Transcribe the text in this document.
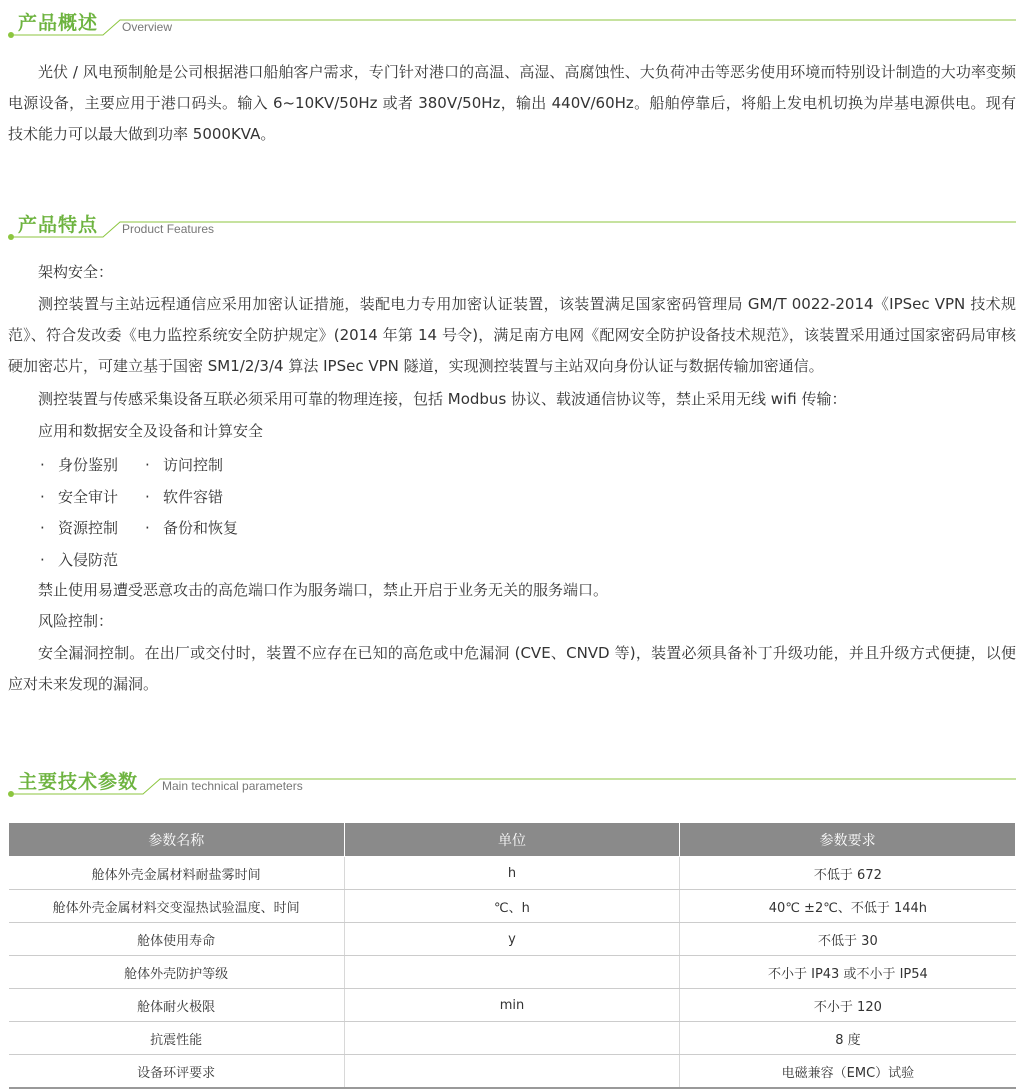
产品概述 Overview

光伏 / 风电预制舱是公司根据港口船舶客户需求，专门针对港口的高温、高湿、高腐蚀性、大负荷冲击等恶劣使用环境而特别设计制造的大功率变频电源设备，主要应用于港口码头。输入 6~10KV/50Hz 或者 380V/50Hz，输出 440V/60Hz。船舶停靠后，将船上发电机切换为岸基电源供电。现有技术能力可以最大做到功率 5000KVA。

产品特点 Product Features
架构安全：

测控装置与主站远程通信应采用加密认证措施，装配电力专用加密认证装置，该装置满足国家密码管理局 GM/T 0022-2014《IPSec VPN 技术规范》、符合发改委《电力监控系统安全防护规定》(2014 年第 14 号令)，满足南方电网《配网安全防护设备技术规范》，该装置采用通过国家密码局审核硬加密芯片，可建立基于国密 SM1/2/3/4 算法 IPSec VPN 隧道，实现测控装置与主站双向身份认证与数据传输加密通信。

测控装置与传感采集设备互联必须采用可靠的物理连接，包括 Modbus 协议、载波通信协议等，禁止采用无线 wifi 传输：
应用和数据安全及设备和计算安全
· 身份鉴别 · 访问控制
· 安全审计 · 软件容错
· 资源控制 · 备份和恢复
· 入侵防范
禁止使用易遭受恶意攻击的高危端口作为服务端口，禁止开启于业务无关的服务端口。
风险控制：

安全漏洞控制。在出厂或交付时，装置不应存在已知的高危或中危漏洞 (CVE、CNVD 等)，装置必须具备补丁升级功能，并且升级方式便捷，以便应对未来发现的漏洞。

主要技术参数 Main technical parameters
参数名称	单位	参数要求
舱体外壳金属材料耐盐雾时间	h	不低于 672
舱体外壳金属材料交变湿热试验温度、时间	℃、h	40℃ ±2℃、不低于 144h
舱体使用寿命	y	不低于 30
舱体外壳防护等级		不小于 IP43 或不小于 IP54
舱体耐火极限	min	不小于 120
抗震性能		8 度
设备环评要求		电磁兼容（EMC）试验
